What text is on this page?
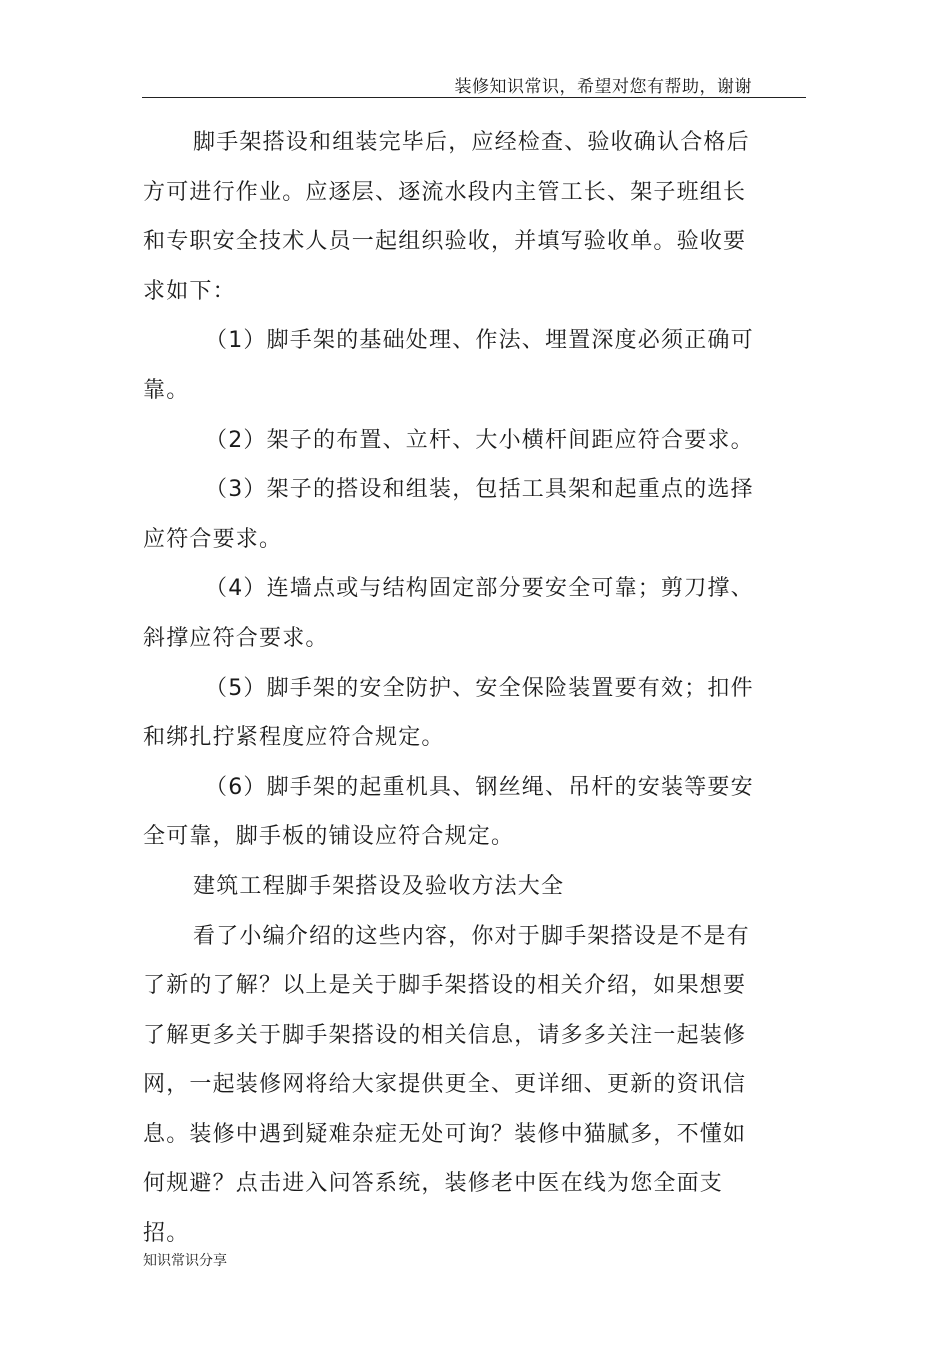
装修知识常识，希望对您有帮助，谢谢

脚手架搭设和组装完毕后，应经检查、验收确认合格后方可进行作业。应逐层、逐流水段内主管工长、架子班组长和专职安全技术人员一起组织验收，并填写验收单。验收要求如下：

（1）脚手架的基础处理、作法、埋置深度必须正确可靠。

（2）架子的布置、立杆、大小横杆间距应符合要求。

（3）架子的搭设和组装，包括工具架和起重点的选择应符合要求。

（4）连墙点或与结构固定部分要安全可靠；剪刀撑、斜撑应符合要求。

（5）脚手架的安全防护、安全保险装置要有效；扣件和绑扎拧紧程度应符合规定。

（6）脚手架的起重机具、钢丝绳、吊杆的安装等要安全可靠，脚手板的铺设应符合规定。

建筑工程脚手架搭设及验收方法大全

看了小编介绍的这些内容，你对于脚手架搭设是不是有了新的了解？以上是关于脚手架搭设的相关介绍，如果想要了解更多关于脚手架搭设的相关信息，请多多关注一起装修网，一起装修网将给大家提供更全、更详细、更新的资讯信息。装修中遇到疑难杂症无处可询？装修中猫腻多，不懂如何规避？点击进入问答系统，装修老中医在线为您全面支招。

知识常识分享
